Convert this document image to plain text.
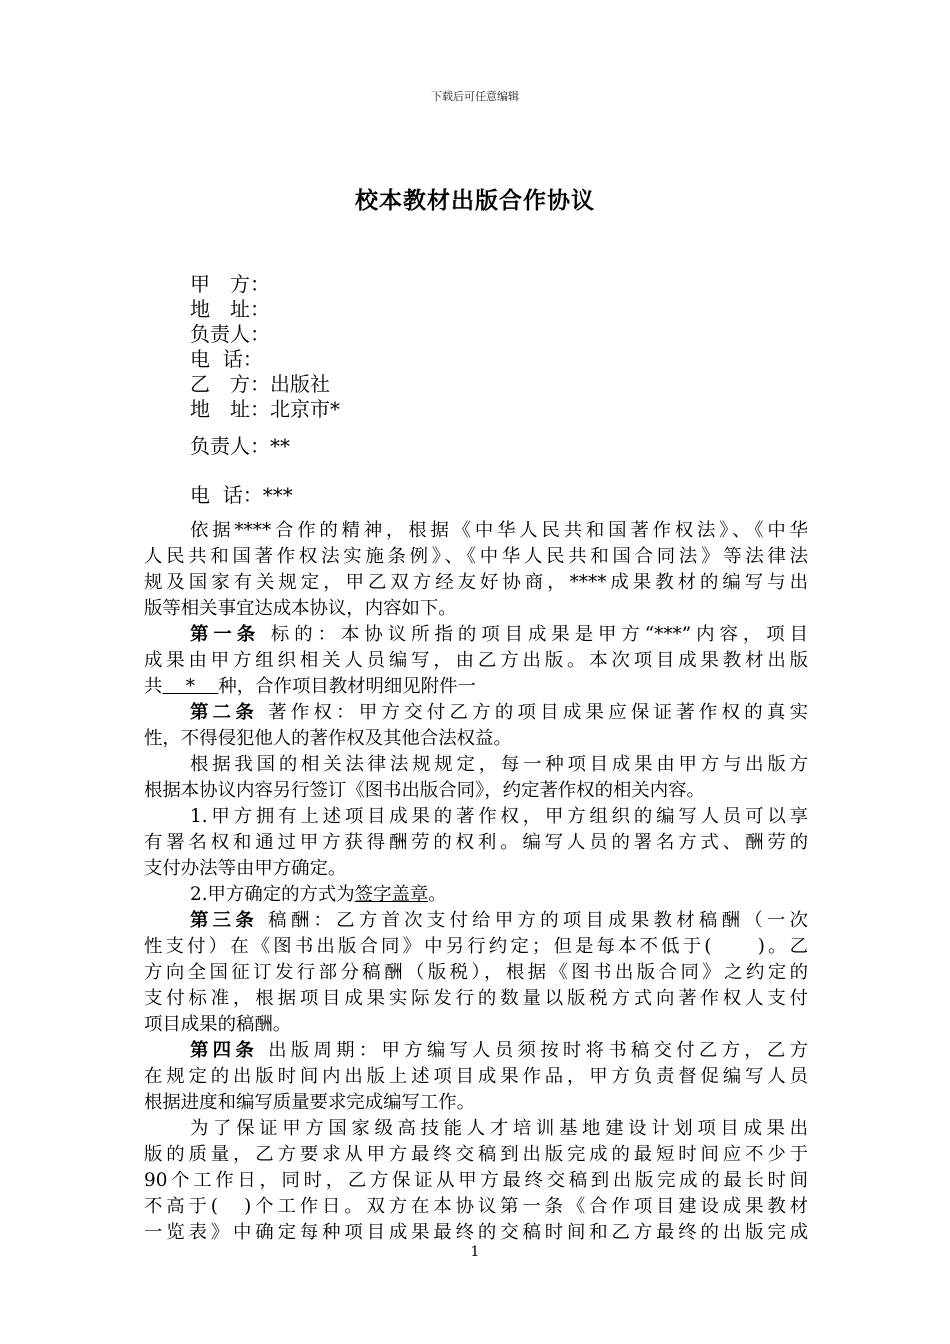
下载后可任意编辑
校本教材出版合作协议
甲　方：
地　址：
负责人：
电  话：
乙　方：出版社
地　址：北京市*
负责人：**
电  话：***
依据****合作的精神，根据《中华人民共和国著作权法》、《中华
人民共和国著作权法实施条例》、《中华人民共和国合同法》等法律法
规及国家有关规定，甲乙双方经友好协商，****成果教材的编写与出
版等相关事宜达成本协议，内容如下。
第一条 标的：本协议所指的项目成果是甲方“***”内容，项目
成果由甲方组织相关人员编写，由乙方出版。本次项目成果教材出版
共    *    种，合作项目教材明细见附件一
第二条 著作权：甲方交付乙方的项目成果应保证著作权的真实
性，不得侵犯他人的著作权及其他合法权益。
根据我国的相关法律法规规定，每一种项目成果由甲方与出版方
根据本协议内容另行签订《图书出版合同》，约定著作权的相关内容。
1.甲方拥有上述项目成果的著作权，甲方组织的编写人员可以享
有署名权和通过甲方获得酬劳的权利。编写人员的署名方式、酬劳的
支付办法等由甲方确定。
2.甲方确定的方式为签字盖章。
第三条 稿酬：乙方首次支付给甲方的项目成果教材稿酬（一次
性支付）在《图书出版合同》中另行约定；但是每本不低于(　　)。乙
方向全国征订发行部分稿酬（版税），根据《图书出版合同》之约定的
支付标准，根据项目成果实际发行的数量以版税方式向著作权人支付
项目成果的稿酬。
第四条 出版周期：甲方编写人员须按时将书稿交付乙方，乙方
在规定的出版时间内出版上述项目成果作品，甲方负责督促编写人员
根据进度和编写质量要求完成编写工作。
为了保证甲方国家级高技能人才培训基地建设计划项目成果出
版的质量，乙方要求从甲方最终交稿到出版完成的最短时间应不少于
90个工作日，同时，乙方保证从甲方最终交稿到出版完成的最长时间
不高于(　)个工作日。双方在本协议第一条《合作项目建设成果教材
一览表》中确定每种项目成果最终的交稿时间和乙方最终的出版完成
1
